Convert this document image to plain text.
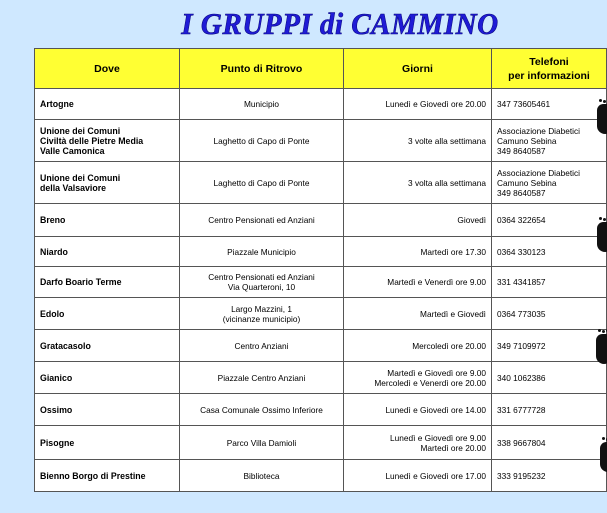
I GRUPPI di CAMMINO
Dove	Punto di Ritrovo	Giorni	Telefoni
per informazioni

Artogne	Municipio	Lunedì e Giovedì ore 20.00	347 73605461

Unione dei Comuni
Civiltà delle Pietre Media
Valle Camonica	Laghetto di Capo di Ponte	3 volte alla settimana	Associazione Diabetici
Camuno Sebina
349 8640587

Unione dei Comuni
della Valsaviore	Laghetto di Capo di Ponte	3 volta alla settimana	Associazione Diabetici
Camuno Sebina
349 8640587

Breno	Centro Pensionati ed Anziani	Giovedì	0364 322654

Niardo	Piazzale Municipio	Martedì ore 17.30	0364 330123

Darfo Boario Terme	Centro Pensionati ed Anziani
Via Quarteroni, 10	Martedì e Venerdì ore 9.00	331 4341857

Edolo	Largo Mazzini, 1
(vicinanze municipio)	Martedì e Giovedì	0364 773035

Gratacasolo	Centro Anziani	Mercoledì ore 20.00	349 7109972

Gianico	Piazzale Centro Anziani	Martedì e Giovedì ore 9.00
Mercoledì e Venerdì ore 20.00	340 1062386

Ossimo	Casa Comunale Ossimo Inferiore	Lunedì e Giovedì ore 14.00	331 6777728

Pisogne	Parco Villa Damioli	Lunedì e Giovedì ore 9.00
Martedì ore 20.00	338 9667804

Bienno Borgo di Prestine	Biblioteca	Lunedì e Giovedì ore 17.00	333 9195232
